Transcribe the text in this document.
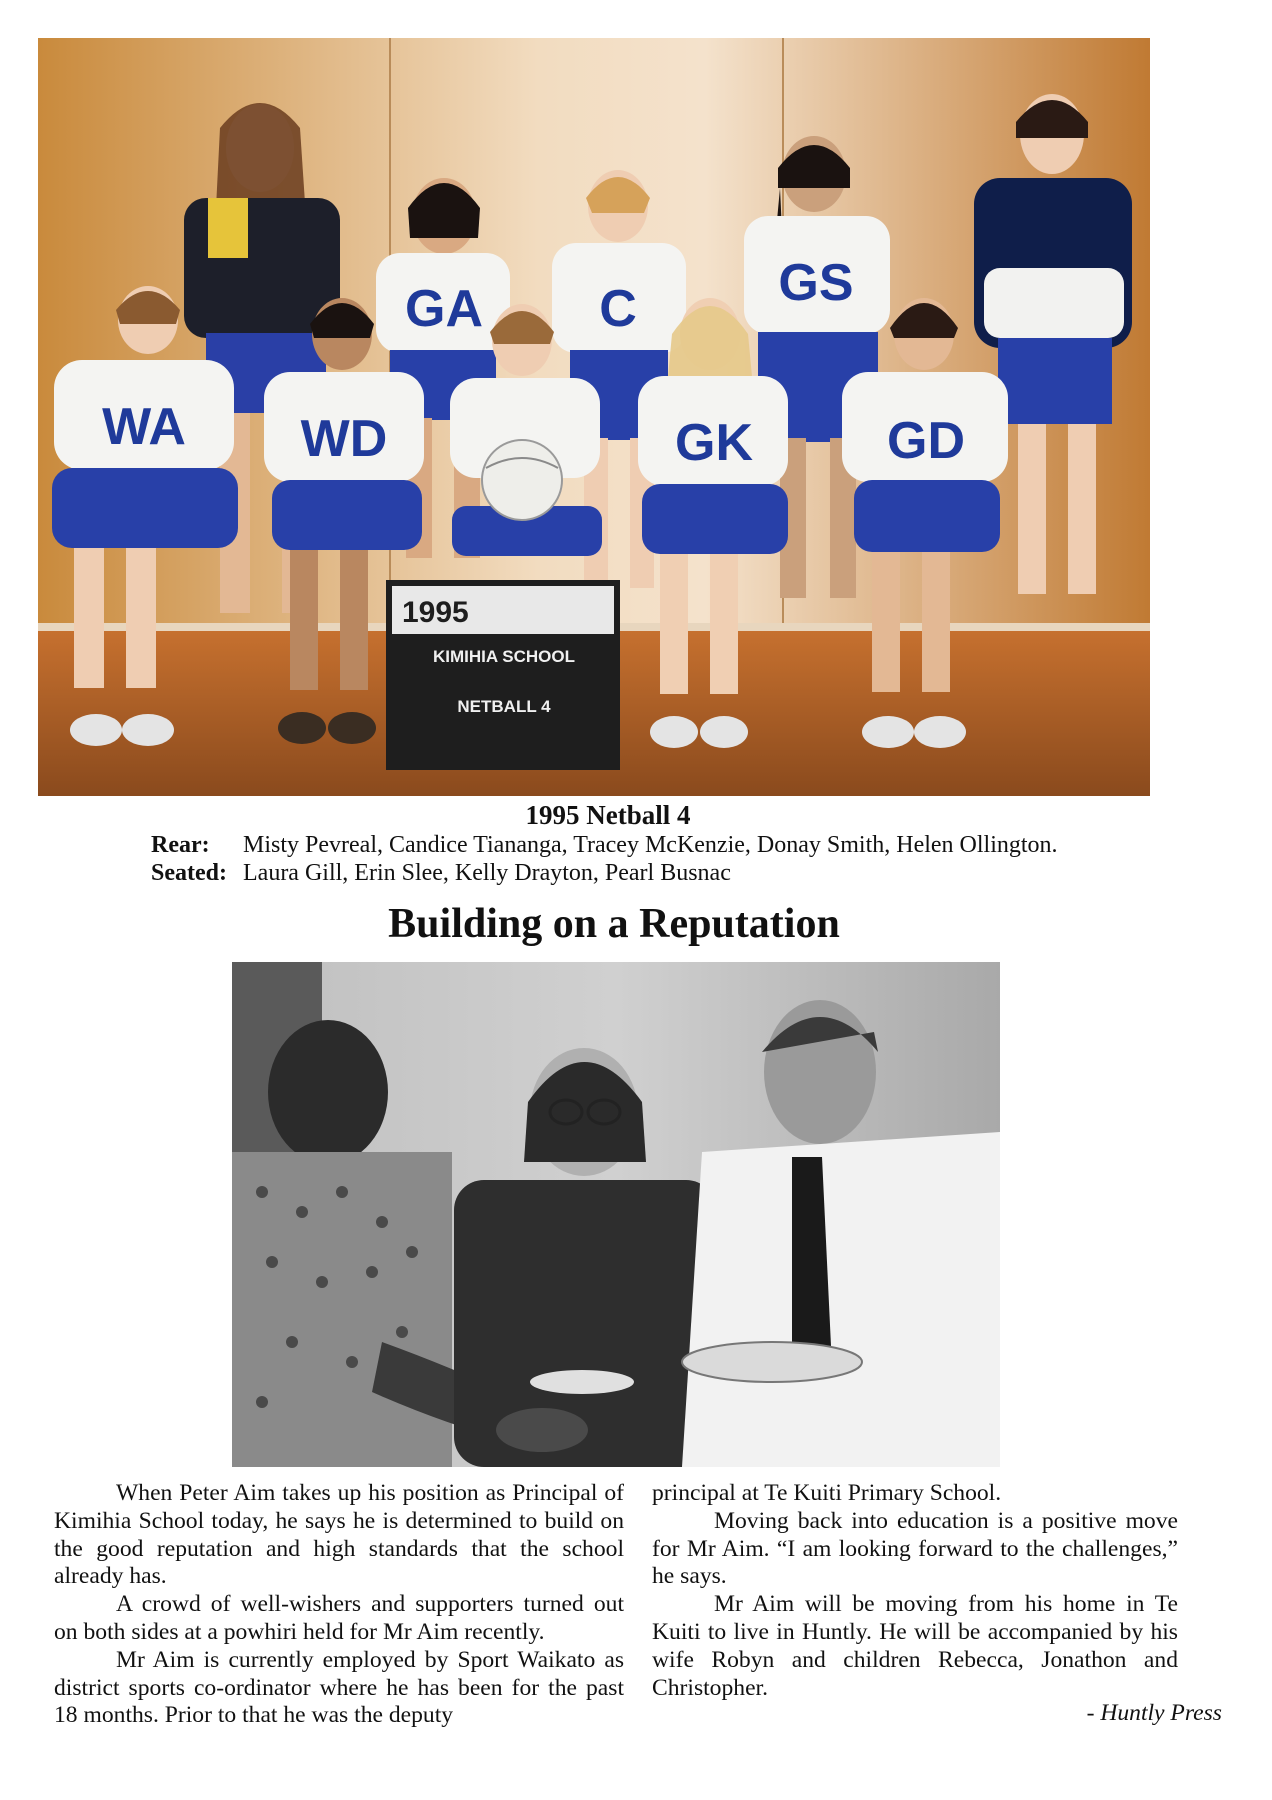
WA WD
GA C
GK
GS
GD
1995
KIMIHIA SCHOOL
NETBALL 4
1995 Netball 4
Rear: Misty Pevreal, Candice Tiananga, Tracey McKenzie, Donay Smith, Helen Ollington.
Seated: Laura Gill, Erin Slee, Kelly Drayton, Pearl Busnac
Building on a Reputation

When Peter Aim takes up his position as Principal of Kimihia School today, he says he is determined to build on the good reputation and high standards that the school already has.

A crowd of well-wishers and supporters turned out on both sides at a powhiri held for Mr Aim recently.

Mr Aim is currently employed by Sport Waikato as district sports co-ordinator where he has been for the past 18 months. Prior to that he was the deputy

principal at Te Kuiti Primary School.

Moving back into education is a positive move for Mr Aim. “I am looking forward to the challenges,” he says.

Mr Aim will be moving from his home in Te Kuiti to live in Huntly. He will be accompanied by his wife Robyn and children Rebecca, Jonathon and Christopher.

- Huntly Press
